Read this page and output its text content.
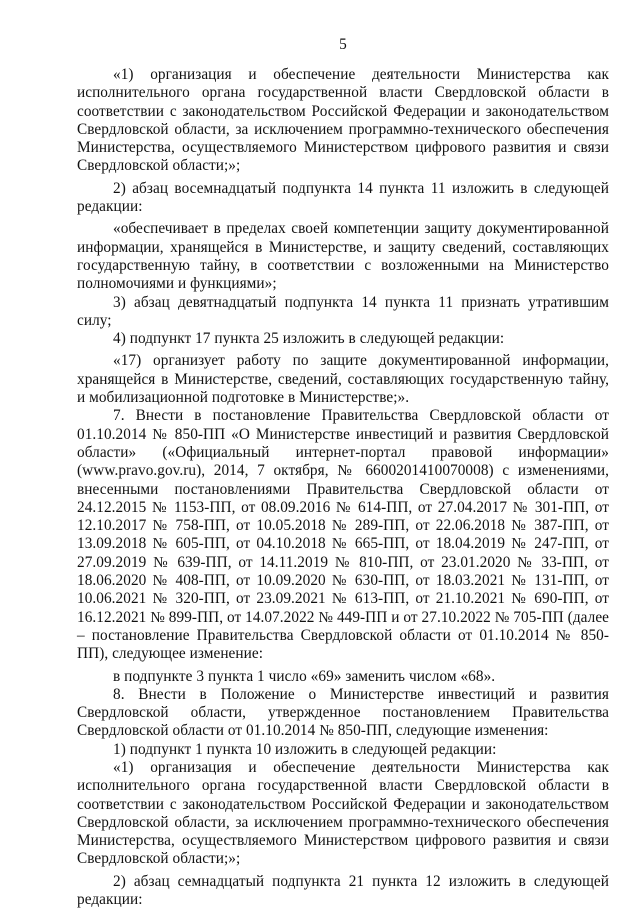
5

«1) организация и обеспечение деятельности Министерства как исполнительного органа государственной власти Свердловской области в соответствии с законодательством Российской Федерации и законодательством Свердловской области, за исключением программно-технического обеспечения Министерства, осуществляемого Министерством цифрового развития и связи Свердловской области;»;

2) абзац восемнадцатый подпункта 14 пункта 11 изложить в следующей редакции:

«обеспечивает в пределах своей компетенции защиту документированной информации, хранящейся в Министерстве, и защиту сведений, составляющих государственную тайну, в соответствии с возложенными на Министерство полномочиями и функциями»;

3) абзац девятнадцатый подпункта 14 пункта 11 признать утратившим силу;

4) подпункт 17 пункта 25 изложить в следующей редакции:

«17) организует работу по защите документированной информации, хранящейся в Министерстве, сведений, составляющих государственную тайну, и мобилизационной подготовке в Министерстве;».

7. Внести в постановление Правительства Свердловской области от 01.10.2014 № 850-ПП «О Министерстве инвестиций и развития Свердловской области» («Официальный интернет-портал правовой информации» (www.pravo.gov.ru), 2014, 7 октября, № 6600201410070008) с изменениями, внесенными постановлениями Правительства Свердловской области от 24.12.2015 № 1153-ПП, от 08.09.2016 № 614-ПП, от 27.04.2017 № 301-ПП, от 12.10.2017 № 758-ПП, от 10.05.2018 № 289-ПП, от 22.06.2018 № 387-ПП, от 13.09.2018 № 605-ПП, от 04.10.2018 № 665-ПП, от 18.04.2019 № 247-ПП, от 27.09.2019 № 639-ПП, от 14.11.2019 № 810-ПП, от 23.01.2020 № 33-ПП, от 18.06.2020 № 408-ПП, от 10.09.2020 № 630-ПП, от 18.03.2021 № 131-ПП, от 10.06.2021 № 320-ПП, от 23.09.2021 № 613-ПП, от 21.10.2021 № 690-ПП, от 16.12.2021 № 899-ПП, от 14.07.2022 № 449-ПП и от 27.10.2022 № 705-ПП (далее – постановление Правительства Свердловской области от 01.10.2014 № 850-ПП), следующее изменение:

в подпункте 3 пункта 1 число «69» заменить числом «68».

8. Внести в Положение о Министерстве инвестиций и развития Свердловской области, утвержденное постановлением Правительства Свердловской области от 01.10.2014 № 850-ПП, следующие изменения:

1) подпункт 1 пункта 10 изложить в следующей редакции:

«1) организация и обеспечение деятельности Министерства как исполнительного органа государственной власти Свердловской области в соответствии с законодательством Российской Федерации и законодательством Свердловской области, за исключением программно-технического обеспечения Министерства, осуществляемого Министерством цифрового развития и связи Свердловской области;»;

2) абзац семнадцатый подпункта 21 пункта 12 изложить в следующей редакции:
